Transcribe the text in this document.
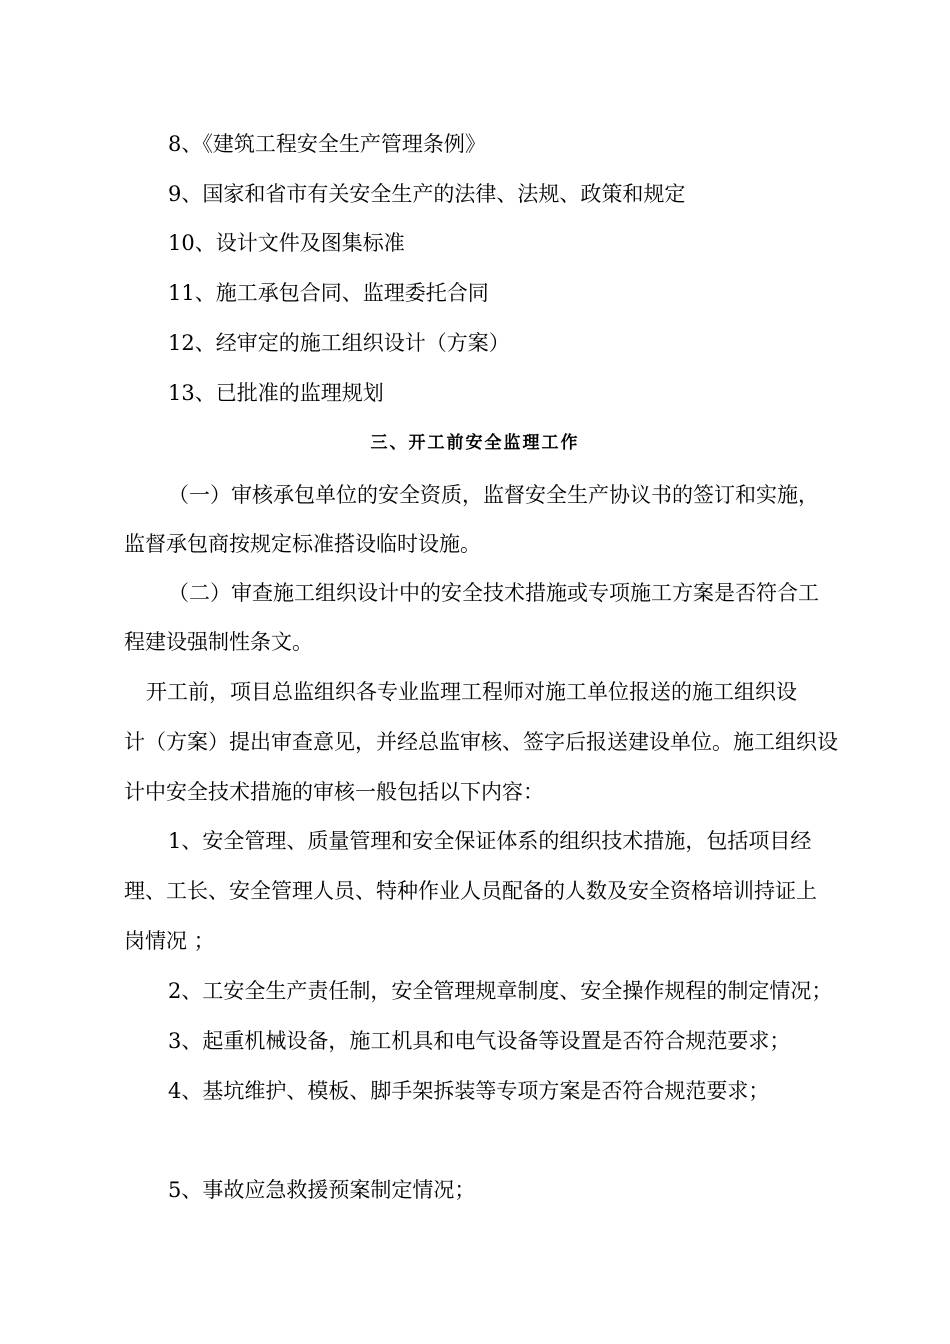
8、《建筑工程安全生产管理条例》
9、国家和省市有关安全生产的法律、法规、政策和规定
10、设计文件及图集标准
11、施工承包合同、监理委托合同
12、经审定的施工组织设计（方案）
13、已批准的监理规划
三、开工前安全监理工作
（一）审核承包单位的安全资质，监督安全生产协议书的签订和实施，
监督承包商按规定标准搭设临时设施。
（二）审查施工组织设计中的安全技术措施或专项施工方案是否符合工
程建设强制性条文。
开工前，项目总监组织各专业监理工程师对施工单位报送的施工组织设
计（方案）提出审查意见，并经总监审核、签字后报送建设单位。施工组织设
计中安全技术措施的审核一般包括以下内容：
1、安全管理、质量管理和安全保证体系的组织技术措施，包括项目经
理、工长、安全管理人员、特种作业人员配备的人数及安全资格培训持证上
岗情况 ；
2、工安全生产责任制，安全管理规章制度、安全操作规程的制定情况；
3、起重机械设备，施工机具和电气设备等设置是否符合规范要求；
4、基坑维护、模板、脚手架拆装等专项方案是否符合规范要求；
5、事故应急救援预案制定情况；
